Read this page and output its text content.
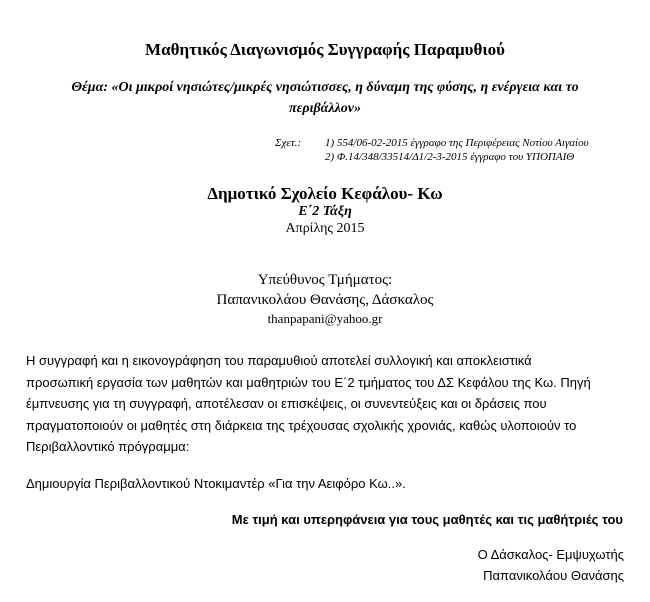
Μαθητικός Διαγωνισμός Συγγραφής Παραμυθιού
Θέμα: «Οι μικροί νησιώτες/μικρές νησιώτισσες, η δύναμη της φύσης, η ενέργεια και το
περιβάλλον»
Σχετ.: 1) 554/06-02-2015 έγγραφο της Περιφέρειας Νοτίου Αιγαίου
2) Φ.14/348/33514/Δ1/2-3-2015 έγγραφο του ΥΠΟΠΑΙΘ
Δημοτικό Σχολείο Κεφάλου- Κω
Ε΄2 Τάξη
Απρίλης 2015
Υπεύθυνος Τμήματος:
Παπανικολάου Θανάσης, Δάσκαλος
thanpapani@yahoo.gr
Η συγγραφή και η εικονογράφηση του παραμυθιού αποτελεί συλλογική και αποκλειστικά
προσωπική εργασία των μαθητών και μαθητριών του Ε΄2 τμήματος του ΔΣ Κεφάλου της Κω. Πηγή
έμπνευσης για τη συγγραφή, αποτέλεσαν οι επισκέψεις, οι συνεντεύξεις και οι δράσεις που
πραγματοποιούν οι μαθητές στη διάρκεια της τρέχουσας σχολικής χρονιάς, καθώς υλοποιούν το
Περιβαλλοντικό πρόγραμμα:
Δημιουργία Περιβαλλοντικού Ντοκιμαντέρ «Για την Αειφόρο Κω..».
Με τιμή και υπερηφάνεια για τους μαθητές και τις μαθήτριές του
Ο Δάσκαλος- Εμψυχωτής
Παπανικολάου Θανάσης
